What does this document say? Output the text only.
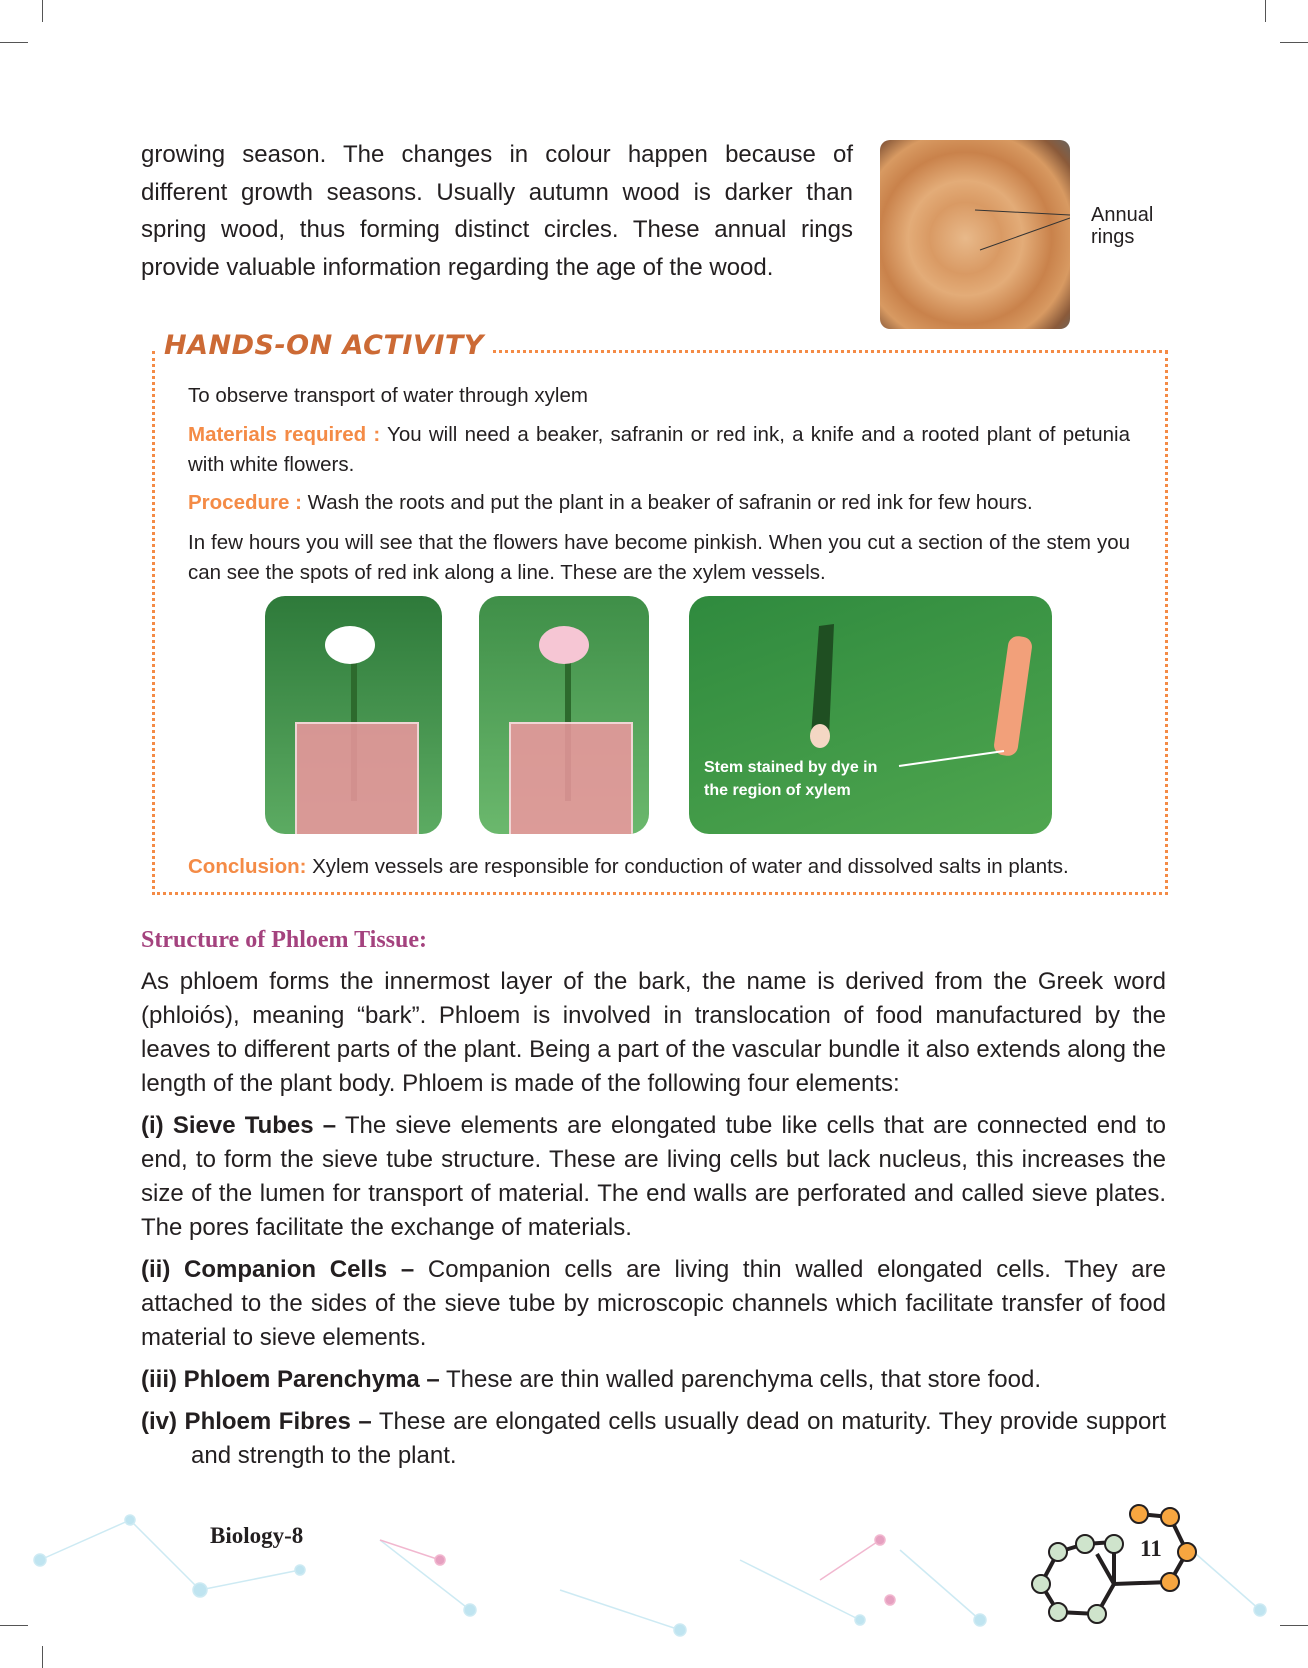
growing season. The changes in colour happen because of different growth seasons. Usually autumn wood is darker than spring wood, thus forming distinct circles. These annual rings provide valuable information regarding the age of the wood.

Annual
rings
HANDS-ON ACTIVITY
To observe transport of water through xylem

Materials required : You will need a beaker, safranin or red ink, a knife and a rooted plant of petunia with white flowers.

Procedure : Wash the roots and put the plant in a beaker of safranin or red ink for few hours.

In few hours you will see that the flowers have become pinkish. When you cut a section of the stem you can see the spots of red ink along a line. These are the xylem vessels.

Stem stained by dye in
the region of xylem
Conclusion: Xylem vessels are responsible for conduction of water and dissolved salts in plants.
Structure of Phloem Tissue:

As phloem forms the innermost layer of the bark, the name is derived from the Greek word (phloiós), meaning “bark”. Phloem is involved in translocation of food manufactured by the leaves to different parts of the plant. Being a part of the vascular bundle it also extends along the length of the plant body. Phloem is made of the following four elements:

(i) Sieve Tubes – The sieve elements are elongated tube like cells that are connected end to end, to form the sieve tube structure. These are living cells but lack nucleus, this increases the size of the lumen for transport of material. The end walls are perforated and called sieve plates. The pores facilitate the exchange of materials.

(ii) Companion Cells – Companion cells are living thin walled elongated cells. They are attached to the sides of the sieve tube by microscopic channels which facilitate transfer of food material to sieve elements.

(iii) Phloem Parenchyma – These are thin walled parenchyma cells, that store food.

(iv) Phloem Fibres – These are elongated cells usually dead on maturity. They provide support and strength to the plant.

Biology-8
11
